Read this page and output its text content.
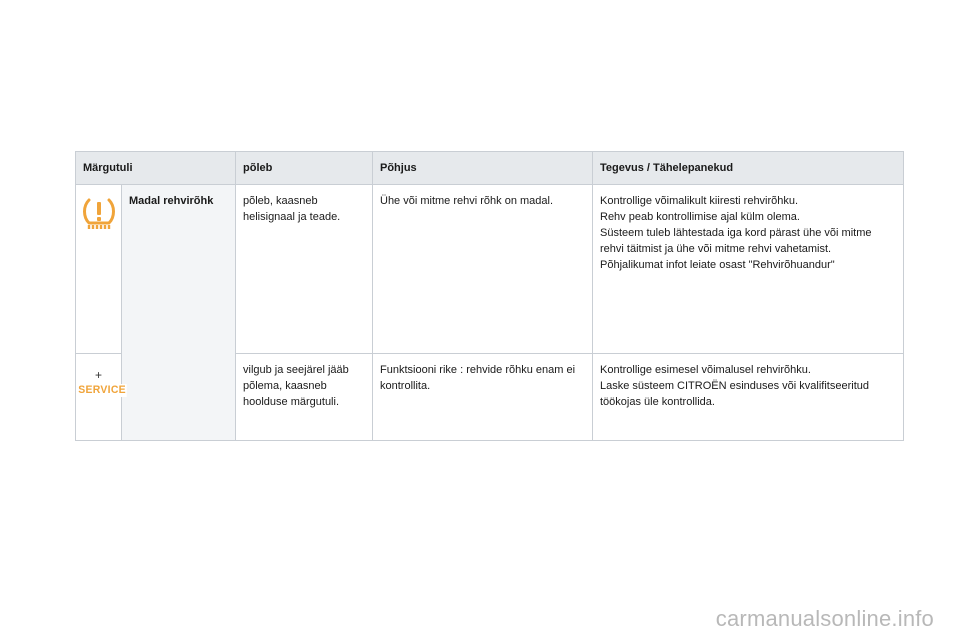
Märgutuli		põleb	Põhjus	Tegevus / Tähelepanekud
	Madal rehvirõhk	põleb, kaasneb helisignaal ja teade.	Ühe või mitme rehvi rõhk on madal.	Kontrollige võimalikult kiiresti rehvirõhku.
Rehv peab kontrollimise ajal külm olema.
Süsteem tuleb lähtestada iga kord pärast ühe või mitme rehvi täitmist ja ühe või mitme rehvi vahetamist.
Põhjalikumat infot leiate osast "Rehvirõhuandur"

+
SERVICE		vilgub ja seejärel jääb põlema, kaasneb hoolduse märgutuli.	Funktsiooni rike : rehvide rõhku enam ei kontrollita.	Kontrollige esimesel võimalusel rehvirõhku.
Laske süsteem CITROËN esinduses või kvalifitseeritud töökojas üle kontrollida.
carmanualsonline.info
